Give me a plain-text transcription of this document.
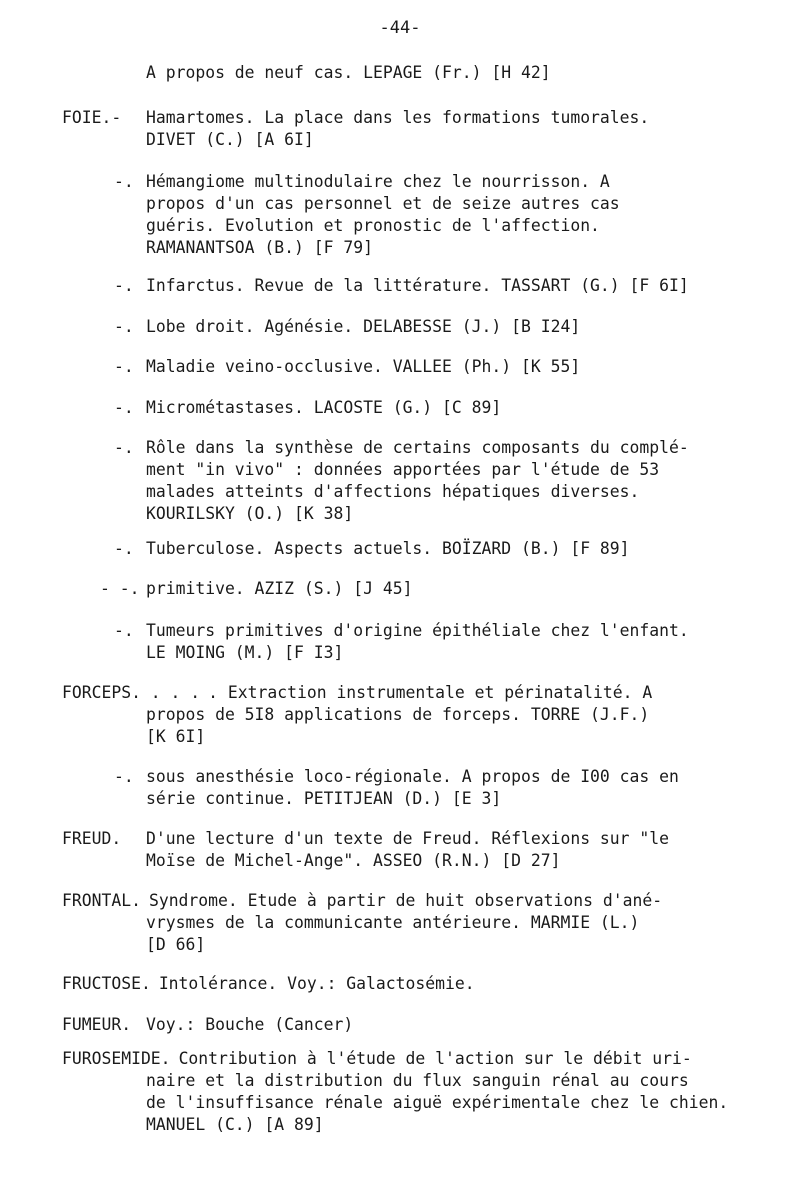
-44-
A propos de neuf cas. LEPAGE (Fr.) [H 42]
FOIE.- Hamartomes. La place dans les formations tumorales.
DIVET (C.) [A 6I]
-. Hémangiome multinodulaire chez le nourrisson. A
propos d'un cas personnel et de seize autres cas
guéris. Evolution et pronostic de l'affection.
RAMANANTSOA (B.) [F 79]
-. Infarctus. Revue de la littérature. TASSART (G.) [F 6I]
-. Lobe droit. Agénésie. DELABESSE (J.) [B I24]
-. Maladie veino-occlusive. VALLEE (Ph.) [K 55]
-. Micrométastases. LACOSTE (G.) [C 89]
-. Rôle dans la synthèse de certains composants du complé-
ment "in vivo" : données apportées par l'étude de 53
malades atteints d'affections hépatiques diverses.
KOURILSKY (O.) [K 38]
-. Tuberculose. Aspects actuels. BOÏZARD (B.) [F 89]
- -. primitive. AZIZ (S.) [J 45]
-. Tumeurs primitives d'origine épithéliale chez l'enfant.
LE MOING (M.) [F I3]
FORCEPS. . . . . Extraction instrumentale et périnatalité. A
propos de 5I8 applications de forceps. TORRE (J.F.)
[K 6I]
-. sous anesthésie loco-régionale. A propos de I00 cas en
série continue. PETITJEAN (D.) [E 3]
FREUD. D'une lecture d'un texte de Freud. Réflexions sur "le
Moïse de Michel-Ange". ASSEO (R.N.) [D 27]
FRONTAL. Syndrome. Etude à partir de huit observations d'ané-
vrysmes de la communicante antérieure. MARMIE (L.)
[D 66]
FRUCTOSE. Intolérance. Voy.: Galactosémie.
FUMEUR. Voy.: Bouche (Cancer)
FUROSEMIDE. Contribution à l'étude de l'action sur le débit uri-
naire et la distribution du flux sanguin rénal au cours
de l'insuffisance rénale aiguë expérimentale chez le chien.
MANUEL (C.) [A 89]
